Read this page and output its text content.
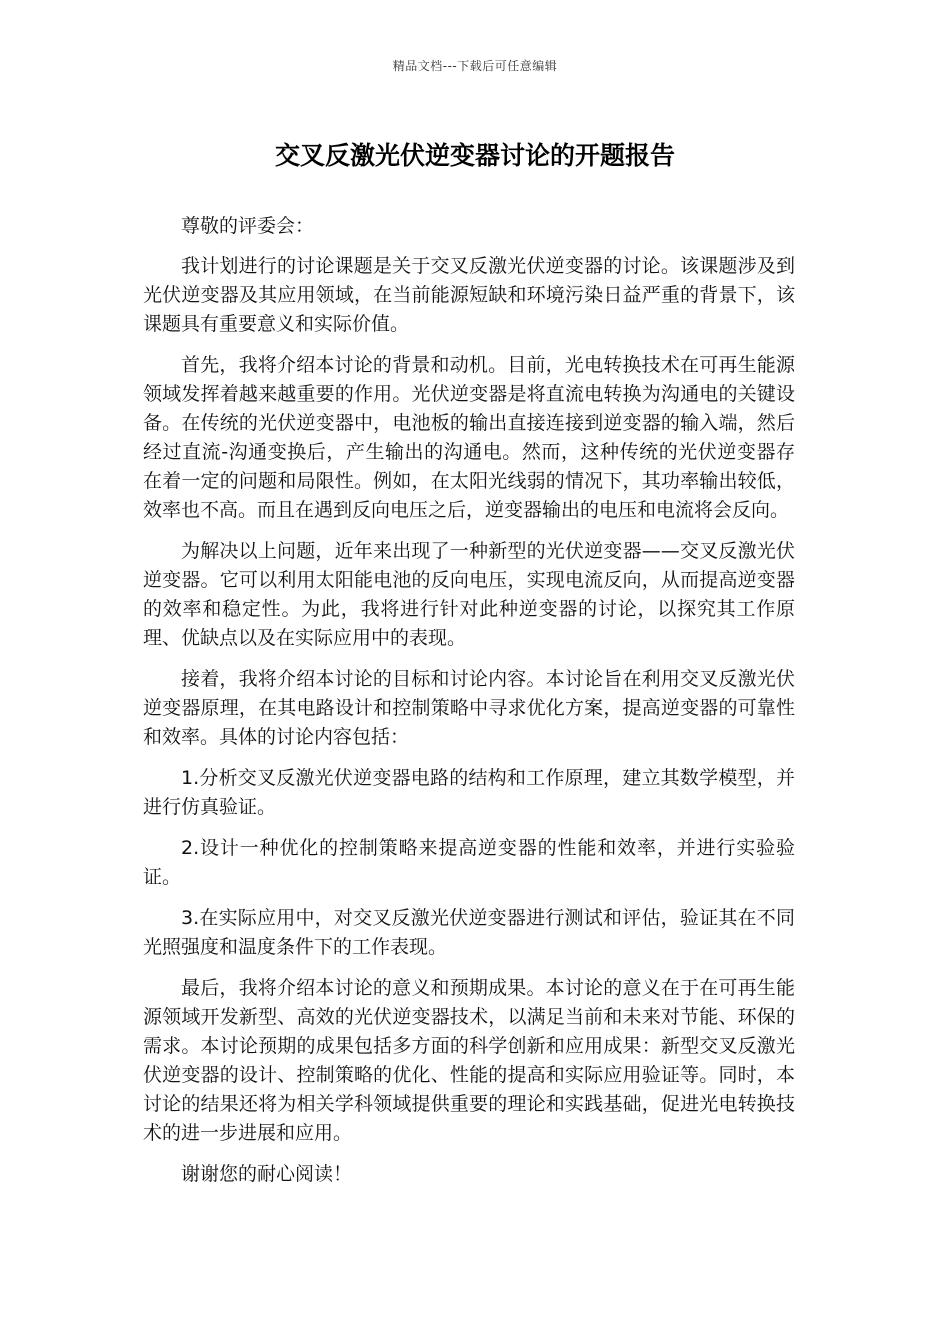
精品文档---下载后可任意编辑
交叉反激光伏逆变器讨论的开题报告

尊敬的评委会：

我计划进行的讨论课题是关于交叉反激光伏逆变器的讨论。该课题涉及到光伏逆变器及其应用领域，在当前能源短缺和环境污染日益严重的背景下，该课题具有重要意义和实际价值。

首先，我将介绍本讨论的背景和动机。目前，光电转换技术在可再生能源领域发挥着越来越重要的作用。光伏逆变器是将直流电转换为沟通电的关键设备。在传统的光伏逆变器中，电池板的输出直接连接到逆变器的输入端，然后经过直流-沟通变换后，产生输出的沟通电。然而，这种传统的光伏逆变器存在着一定的问题和局限性。例如，在太阳光线弱的情况下，其功率输出较低，效率也不高。而且在遇到反向电压之后，逆变器输出的电压和电流将会反向。

为解决以上问题，近年来出现了一种新型的光伏逆变器——交叉反激光伏逆变器。它可以利用太阳能电池的反向电压，实现电流反向，从而提高逆变器的效率和稳定性。为此，我将进行针对此种逆变器的讨论，以探究其工作原理、优缺点以及在实际应用中的表现。

接着，我将介绍本讨论的目标和讨论内容。本讨论旨在利用交叉反激光伏逆变器原理，在其电路设计和控制策略中寻求优化方案，提高逆变器的可靠性和效率。具体的讨论内容包括：

1.分析交叉反激光伏逆变器电路的结构和工作原理，建立其数学模型，并进行仿真验证。

2.设计一种优化的控制策略来提高逆变器的性能和效率，并进行实验验证。

3.在实际应用中，对交叉反激光伏逆变器进行测试和评估，验证其在不同光照强度和温度条件下的工作表现。

最后，我将介绍本讨论的意义和预期成果。本讨论的意义在于在可再生能源领域开发新型、高效的光伏逆变器技术，以满足当前和未来对节能、环保的需求。本讨论预期的成果包括多方面的科学创新和应用成果：新型交叉反激光伏逆变器的设计、控制策略的优化、性能的提高和实际应用验证等。同时，本讨论的结果还将为相关学科领域提供重要的理论和实践基础，促进光电转换技术的进一步进展和应用。

谢谢您的耐心阅读！
